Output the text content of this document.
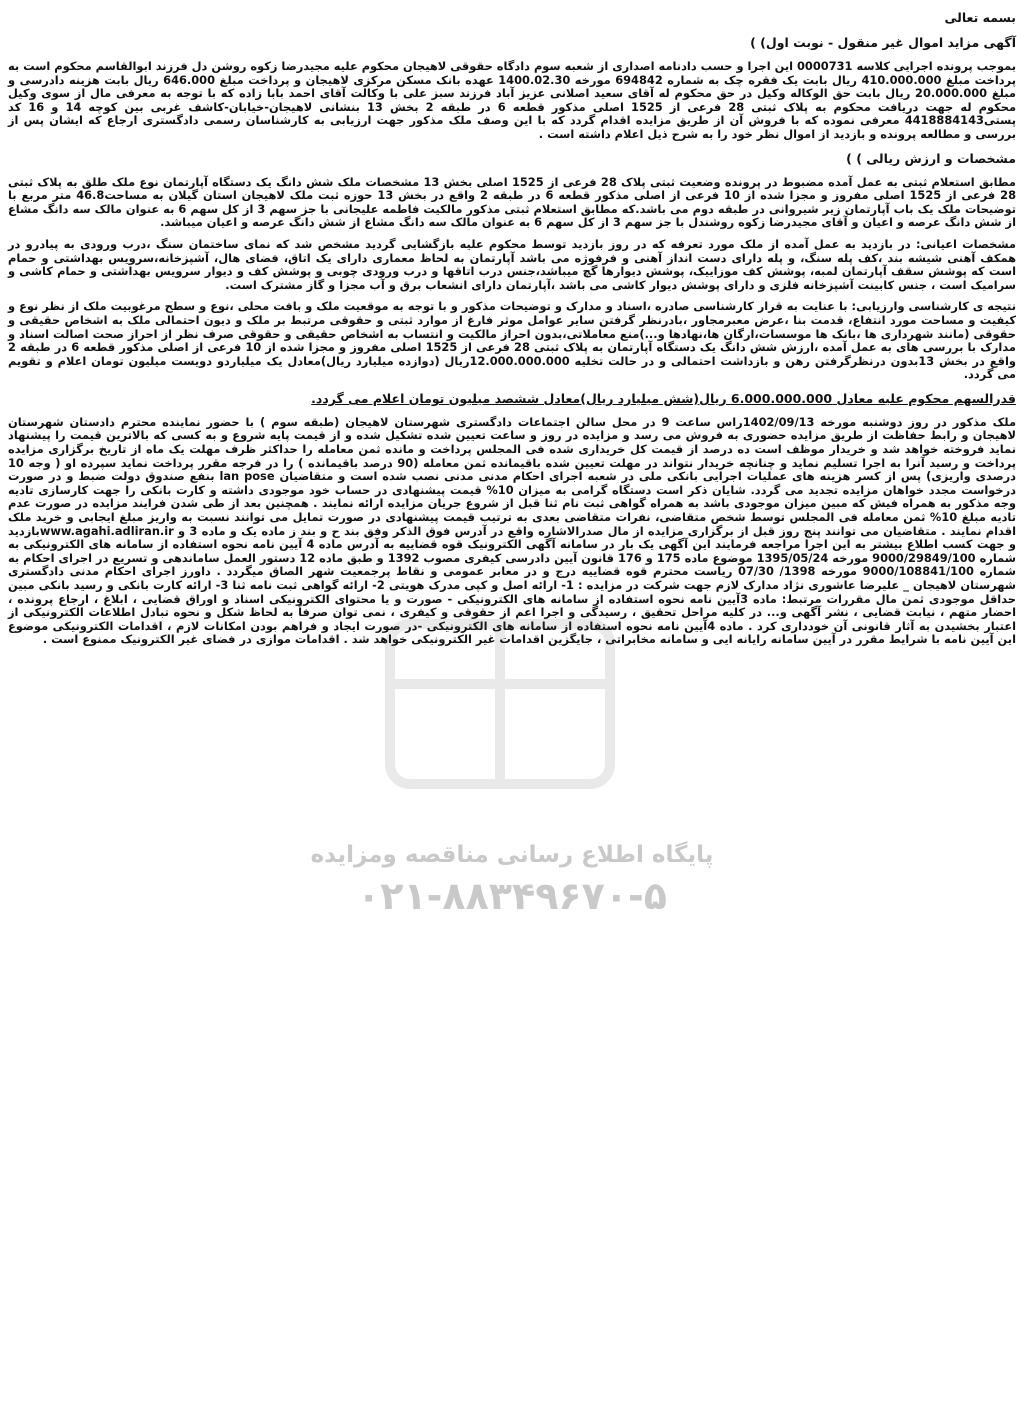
بسمه تعالی
آگهی مزاید اموال غیر منقول - نوبت اول) )

بموجب پرونده اجرایی کلاسه 0000731 این اجرا و حسب دادنامه اصداری از شعبه سوم دادگاه حقوقی لاهیجان محکوم علیه مجیدرضا زکوه روشن دل فرزند ابوالقاسم محکوم است به پرداخت مبلغ 410.000.000 ریال بابت یک فقره چک به شماره 694842 مورخه 1400.02.30 عهده بانک مسکن مرکزی لاهیجان و پرداخت مبلغ 646.000 ریال بابت هزینه دادرسی و مبلغ 20.000.000 ریال بابت حق الوکاله وکیل در حق محکوم له آقای سعید اصلانی عزیز آباد فرزند سبز علی با وکالت آقای احمد بابا زاده که با توجه به معرفی مال از سوی وکیل محکوم له جهت دریافت محکوم به پلاک ثبتی 28 فرعی از 1525 اصلی مذکور قطعه 6 در طبقه 2 بخش 13 بنشانی لاهیجان-خیابان-کاشف غربی بین کوچه 14 و 16 کد پستی4418884143 معرفی نموده که با فروش آن از طریق مزایده اقدام گردد که با این وصف ملک مذکور جهت ارزیابی به کارشناسان رسمی دادگستری ارجاع که ایشان پس از بررسی و مطالعه پرونده و بازدید از اموال نظر خود را به شرح ذیل اعلام داشته است .

مشخصات و ارزش ریالی ) )

مطابق استعلام ثبتی به عمل آمده مضبوط در پرونده وضعیت ثبتی پلاک 28 فرعی از 1525 اصلی بخش 13 مشخصات ملک شش دانگ یک دستگاه آپارتمان نوع ملک طلق به پلاک ثبتی 28 فرعی از 1525 اصلی مفروز و مجزا شده از 10 فرعی از اصلی مذکور قطعه 6 در طبقه 2 واقع در بخش 13 حوزه ثبت ملک لاهیجان استان گیلان به مساحت46.8 متر مربع با توضیحات ملک یک باب آپارتمان زیر شیروانی در طبقه دوم می باشد.که مطابق استعلام ثبتی مذکور مالکیت فاطمه علیجانی با جز سهم 3 از کل سهم 6 به عنوان مالک سه دانگ مشاع از شش دانگ عرصه و اعیان و آقای مجیدرضا زکوه روشندل با جز سهم 3 از کل سهم 6 به عنوان مالک سه دانگ مشاع از شش دانگ عرصه و اعیان میباشد.

مشخصات اعیانی: در بازدید به عمل آمده از ملک مورد تعرفه که در روز بازدید توسط محکوم علیه بازگشایی گردید مشخص شد که نمای ساختمان سنگ ،درب ورودی به پیادرو در همکف آهنی شیشه بند ،کف پله سنگ، و پله دارای دست انداز آهنی و فرفوژه می باشد آپارتمان به لحاظ معماری دارای یک اتاق، فضای هال، آشپزخانه،سرویس بهداشتی و حمام است که پوشش سقف آپارتمان لمبه، پوشش کف موزاییک، پوشش دیوارها گچ میباشد،جنس درب اتاقها و درب ورودی چوبی و پوشش کف و دیوار سرویس بهداشتی و حمام کاشی و سرامیک است ، جنس کابینت آشپزخانه فلزی و دارای پوشش دیوار کاشی می باشد ،آپارتمان دارای انشعاب برق و آب مجزا و گاز مشترک است.

نتیجه ی کارشناسی وارزیابی: با عنایت به قرار کارشناسی صادره ،اسناد و مدارک و توضیحات مذکور و با توجه به موقعیت ملک و بافت محلی ،نوع و سطح مرغوبیت ملک از نظر نوع و کیفیت و مساحت مورد انتفاع، قدمت بنا ،عرض معبرمجاور ،بادرنظر گرفتن سایر عوامل موثر فارغ از موارد ثبتی و حقوقی مرتبط بر ملک و دیون احتمالی ملک به اشخاص حقیقی و حقوقی (مانند شهرداری ها ،بانک ها موسسات،ارگان ها،نهادها و...)منع معاملاتی،بدون احراز مالکیت و انتساب به اشخاص حقیقی و حقوقی صرف نظر از احراز صحت اصالت اسناد و مدارک با بررسی های به عمل آمده ،ارزش شش دانگ یک دستگاه آپارتمان به پلاک ثبتی 28 فرعی از 1525 اصلی مفروز و مجزا شده از 10 فرعی از اصلی مذکور قطعه 6 در طبقه 2 واقع در بخش 13بدون درنظرگرفتن رهن و بازداشت احتمالی و در حالت تخلیه 12.000.000.000ریال (دوازده میلیارد ریال)معادل یک میلیاردو دویست میلیون تومان اعلام و تقویم می گردد.

قدرالسهم محکوم علیه معادل 6.000.000.000 ریال(شش میلیارد ریال)معادل ششصد میلیون تومان اعلام می گردد.

ملک مذکور در روز دوشنبه مورخه 1402/09/13راس ساعت 9 در محل سالن اجتماعات دادگستری شهرستان لاهیجان (طبقه سوم ) با حضور نماینده محترم دادستان شهرستان لاهیجان و رابط حفاظت از طریق مزایده حضوری به فروش می رسد و مزایده در روز و ساعت تعیین شده تشکیل شده و از قیمت پایه شروع و به کسی که بالاترین قیمت را پیشنهاد نماید فروخته خواهد شد و خریدار موظف است ده درصد از قیمت کل خریداری شده فی المجلس پرداخت و مانده ثمن معامله را حداکثر ظرف مهلت یک ماه از تاریخ برگزاری مزایده پرداخت و رسید آنرا به اجرا تسلیم نماید و چنانچه خریدار نتواند در مهلت تعیین شده باقیمانده ثمن معامله (90 درصد باقیمانده ) را در فرجه مقرر پرداخت نماید سپرده او ( وجه 10 درصدی واریزی) پس از کسر هزینه های عملیات اجرایی بانکی ملی در شعبه اجرای احکام مدنی مدنی نصب شده است و متقاضیان lan pose بنفع صندوق دولت ضبط و در صورت درخواست مجدد خواهان مزایده تجدید می گردد. شایان ذکر است دستگاه گرامی به میزان 10% قیمت پیشنهادی در حساب خود موجودی داشته و کارت بانکی را جهت کارسازی تادیه وجه مذکور به همراه فیش که مبین میزان موجودی باشد به همراه گواهی ثبت نام ثنا قبل از شروع جریان مزایده ارائه نمایند . همچنین بعد از طی شدن فرایند مزایده در صورت عدم تادیه مبلغ 10% ثمن معامله فی المجلس توسط شخص متقاضی، نفرات متقاضی بعدی به ترتیب قیمت پیشنهادی در صورت تمایل می توانند نسبت به واریز مبلغ ایجابی و خرید ملک اقدام نمایند . متقاضیان می توانند پنج روز قبل از برگزاری مزایده از مال صدرالاشاره واقع در آدرس فوق الذکر وفق بند ح و بند ز ماده یک و ماده 3 و www.agahi.adliran.irبازدید و جهت کسب اطلاع بیشتر به این اجرا مراجعه فرمایند این آگهی یک بار در سامانه آگهی الکترونیک قوه قضاییه به آدرس ماده 4 آیین نامه نحوه استفاده از سامانه های الکترونیکی به شماره 9000/29849/100 مورخه 1395/05/24 موضوع ماده 175 و 176 قانون آیین دادرسی کیفری مصوب 1392 و طبق ماده 12 دستور العمل ساماندهی و تسریع در اجرای احکام به شماره 9000/108841/100 مورخه 1398/ 07/30 ریاست محترم قوه قضاییه درج و در معابر عمومی و نقاط پرجمعیت شهر الصاق میگردد . داورز اجرای احکام مدنی دادگستری شهرستان لاهیجان _ علیرضا عاشوری نژاد مدارک لازم جهت شرکت در مزایده : 1- ارائه اصل و کپی مدرک هویتی 2- ارائه گواهی ثبت نامه ثنا 3- ارائه کارت بانکی و رسید بانکی مبین حداقل موجودی ثمن مال مقررات مرتبط: ماده 3آیین نامه نحوه استفاده از سامانه های الکترونیکی - صورت و یا محتوای الکترونیکی اسناد و اوراق قضایی ، ابلاغ ، ارجاع پرونده ، احضار متهم ، نیابت قضایی ، نشر آگهی و... در کلیه مراحل تحقیق ، رسیدگی و اجرا اعم از حقوقی و کیفری ، نمی توان صرفاً به لحاظ شکل و نحوه تبادل اطلاعات الکترونیکی از اعتبار بخشیدن به آثار قانونی آن خودداری کرد . ماده 4آیین نامه نحوه استفاده از سامانه های الکترونیکی -در صورت ایجاد و فراهم بودن امکانات لازم ، اقدامات الکترونیکی موضوع این آیین نامه با شرایط مقرر در آیین سامانه رایانه ایی و سامانه مخابراتی ، جایگزین اقدامات غیر الکترونیکی خواهد شد . اقدامات موازی در فضای غیر الکترونیک ممنوع است .

پایگاه اطلاع رسانی مناقصه ومزایده
۰۲۱-۸۸۳۴۹۶۷۰-۵
